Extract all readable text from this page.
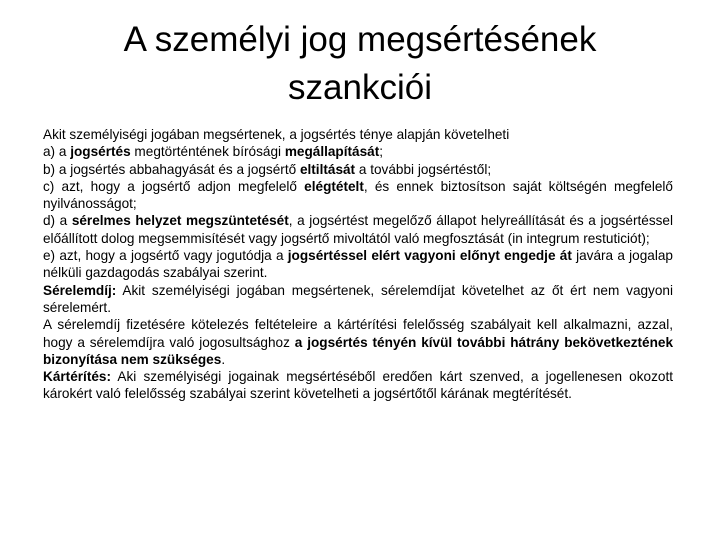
A személyi jog megsértésének
szankciói

Akit személyiségi jogában megsértenek, a jogsértés ténye alapján követelheti

a) a jogsértés megtörténtének bírósági megállapítását;

b) a jogsértés abbahagyását és a jogsértő eltiltását a további jogsértéstől;

c) azt, hogy a jogsértő adjon megfelelő elégtételt, és ennek biztosítson saját költségén megfelelő nyilvánosságot;

d) a sérelmes helyzet megszüntetését, a jogsértést megelőző állapot helyreállítását és a jogsértéssel előállított dolog megsemmisítését vagy jogsértő mivoltától való megfosztását (in integrum restuticiót);

e) azt, hogy a jogsértő vagy jogutódja a jogsértéssel elért vagyoni előnyt engedje át javára a jogalap nélküli gazdagodás szabályai szerint.

Sérelemdíj: Akit személyiségi jogában megsértenek, sérelemdíjat követelhet az őt ért nem vagyoni sérelemért.

A sérelemdíj fizetésére kötelezés feltételeire a kártérítési felelősség szabályait kell alkalmazni, azzal, hogy a sérelemdíjra való jogosultsághoz a jogsértés tényén kívül további hátrány bekövetkeztének bizonyítása nem szükséges.

Kártérítés: Aki személyiségi jogainak megsértéséből eredően kárt szenved, a jogellenesen okozott károkért való felelősség szabályai szerint követelheti a jogsértőtől kárának megtérítését.
